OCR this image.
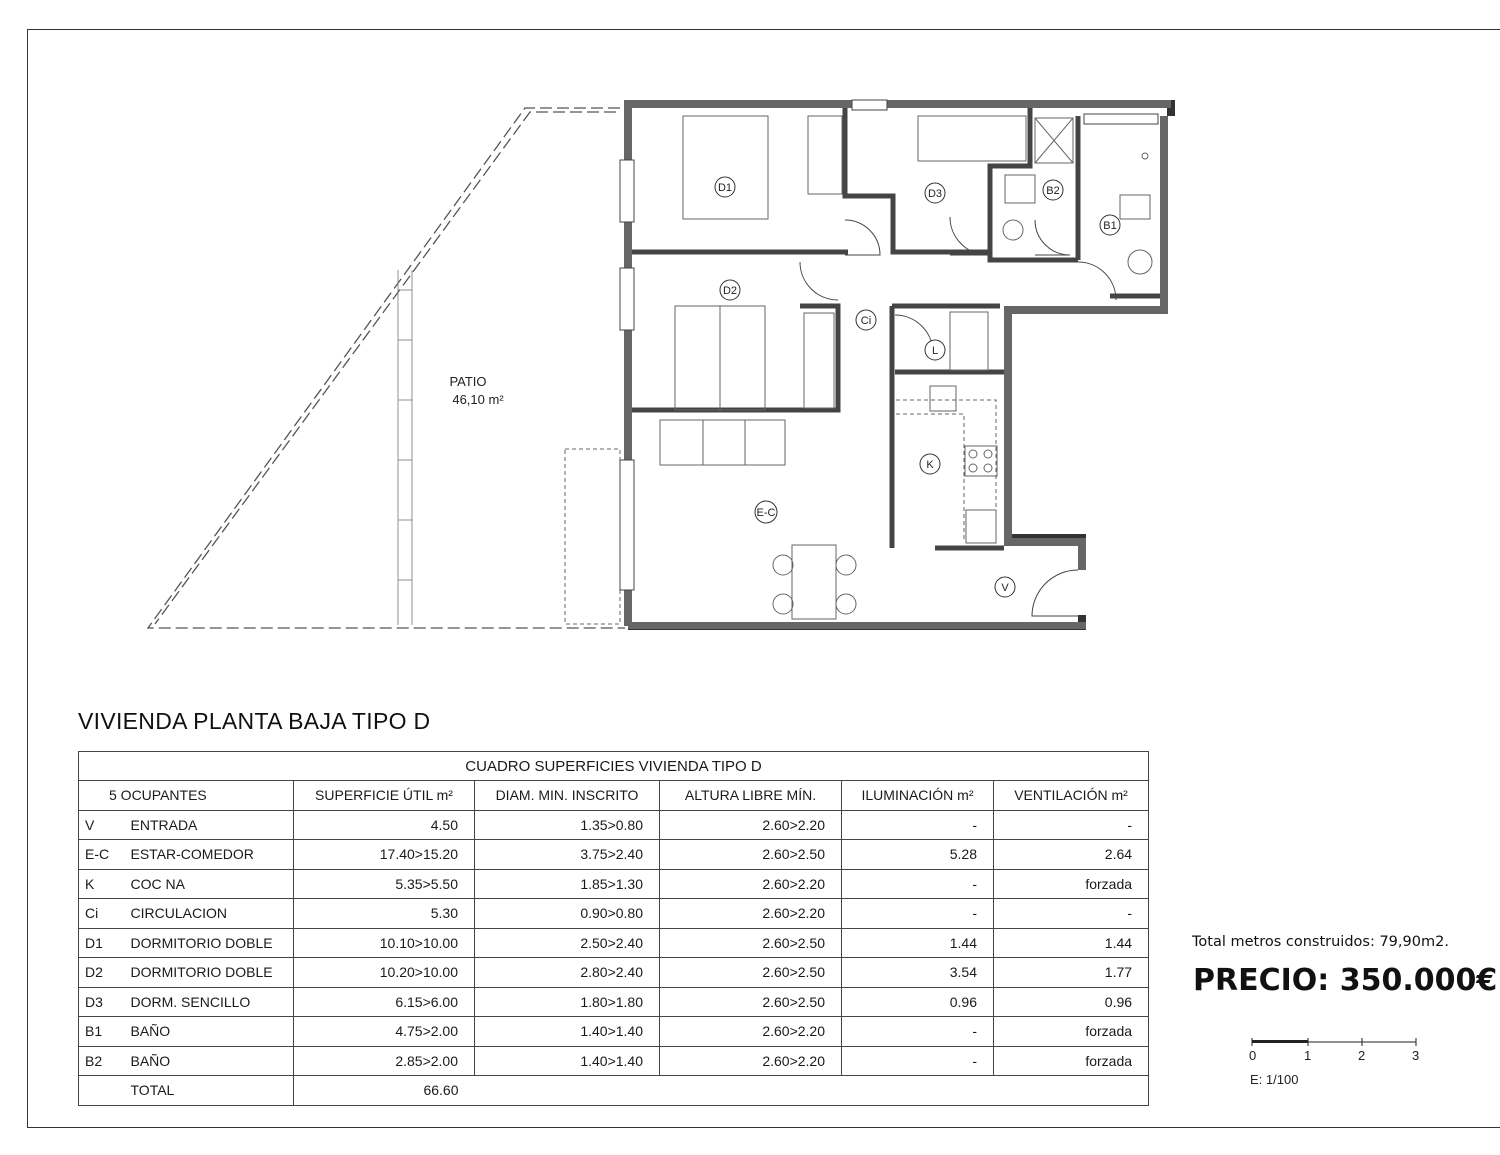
D1
D2
D3	B2
B1
Ci
L
K
E-C
V
PATIO
46,10 m²
VIVIENDA PLANTA BAJA TIPO D
CUADRO SUPERFICIES VIVIENDA TIPO D						
5 OCUPANTES		SUPERFICIE ÚTIL m²	DIAM. MIN. INSCRITO	ALTURA LIBRE MÍN.	ILUMINACIÓN m²	VENTILACIÓN m²
V	ENTRADA	4.50	1.35>0.80	2.60>2.20	-	-
E-C	ESTAR-COMEDOR	17.40>15.20	3.75>2.40	2.60>2.50	5.28	2.64
K	COC NA	5.35>5.50	1.85>1.30	2.60>2.20	-	forzada
Ci	CIRCULACION	5.30	0.90>0.80	2.60>2.20	-	-
D1	DORMITORIO DOBLE	10.10>10.00	2.50>2.40	2.60>2.50	1.44	1.44
D2	DORMITORIO DOBLE	10.20>10.00	2.80>2.40	2.60>2.50	3.54	1.77
D3	DORM. SENCILLO	6.15>6.00	1.80>1.80	2.60>2.50	0.96	0.96
B1	BAÑO	4.75>2.00	1.40>1.40	2.60>2.20	-	forzada
B2	BAÑO	2.85>2.00	1.40>1.40	2.60>2.20	-	forzada
	TOTAL	66.60				
Total metros construidos: 79,90m2.
PRECIO: 350.000€
0	1	2	3
E: 1/100
